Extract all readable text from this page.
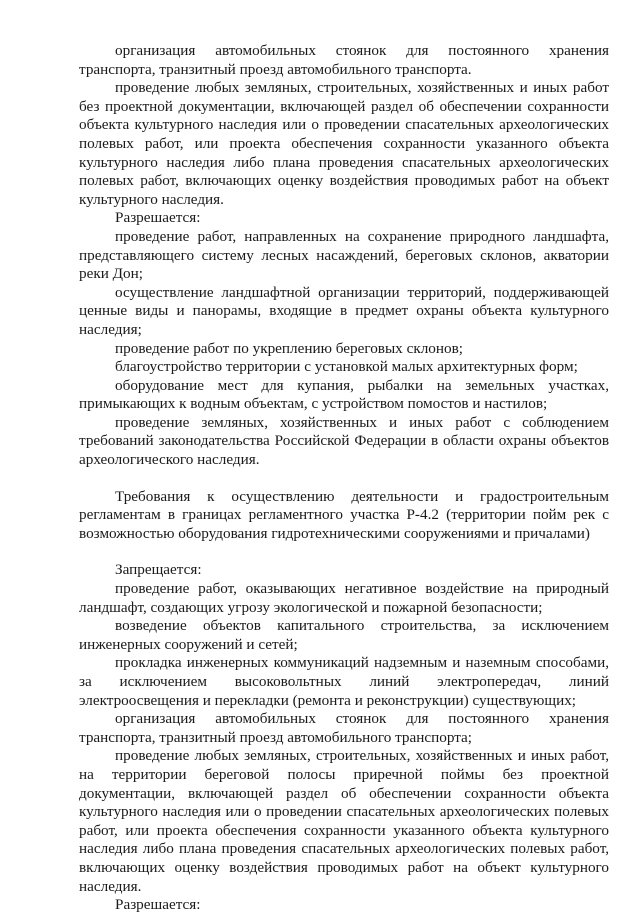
организация автомобильных стоянок для постоянного хранения транспорта, транзитный проезд автомобильного транспорта.

проведение любых земляных, строительных, хозяйственных и иных работ без проектной документации, включающей раздел об обеспечении сохранности объекта культурного наследия или о проведении спасательных археологических полевых работ, или проекта обеспечения сохранности указанного объекта культурного наследия либо плана проведения спасательных археологических полевых работ, включающих оценку воздействия проводимых работ на объект культурного наследия.

Разрешается:

проведение работ, направленных на сохранение природного ландшафта, представляющего систему лесных насаждений, береговых склонов, акватории реки Дон;

осуществление ландшафтной организации территорий, поддерживающей ценные виды и панорамы, входящие в предмет охраны объекта культурного наследия;

проведение работ по укреплению береговых склонов;

благоустройство территории с установкой малых архитектурных форм;

оборудование мест для купания, рыбалки на земельных участках, примыкающих к водным объектам, с устройством помостов и настилов;

проведение земляных, хозяйственных и иных работ с соблюдением требований законодательства Российской Федерации в области охраны объектов археологического наследия.

Требования к осуществлению деятельности и градостроительным регламентам в границах регламентного участка Р-4.2 (территории пойм рек с возможностью оборудования гидротехническими сооружениями и причалами)

Запрещается:

проведение работ, оказывающих негативное воздействие на природный ландшафт, создающих угрозу экологической и пожарной безопасности;

возведение объектов капитального строительства, за исключением инженерных сооружений и сетей;

прокладка инженерных коммуникаций надземным и наземным способами, за исключением высоковольтных линий электропередач, линий электроосвещения и перекладки (ремонта и реконструкции) существующих;

организация автомобильных стоянок для постоянного хранения транспорта, транзитный проезд автомобильного транспорта;

проведение любых земляных, строительных, хозяйственных и иных работ, на территории береговой полосы приречной поймы без проектной документации, включающей раздел об обеспечении сохранности объекта культурного наследия или о проведении спасательных археологических полевых работ, или проекта обеспечения сохранности указанного объекта культурного наследия либо плана проведения спасательных археологических полевых работ, включающих оценку воздействия проводимых работ на объект культурного наследия.

Разрешается:
